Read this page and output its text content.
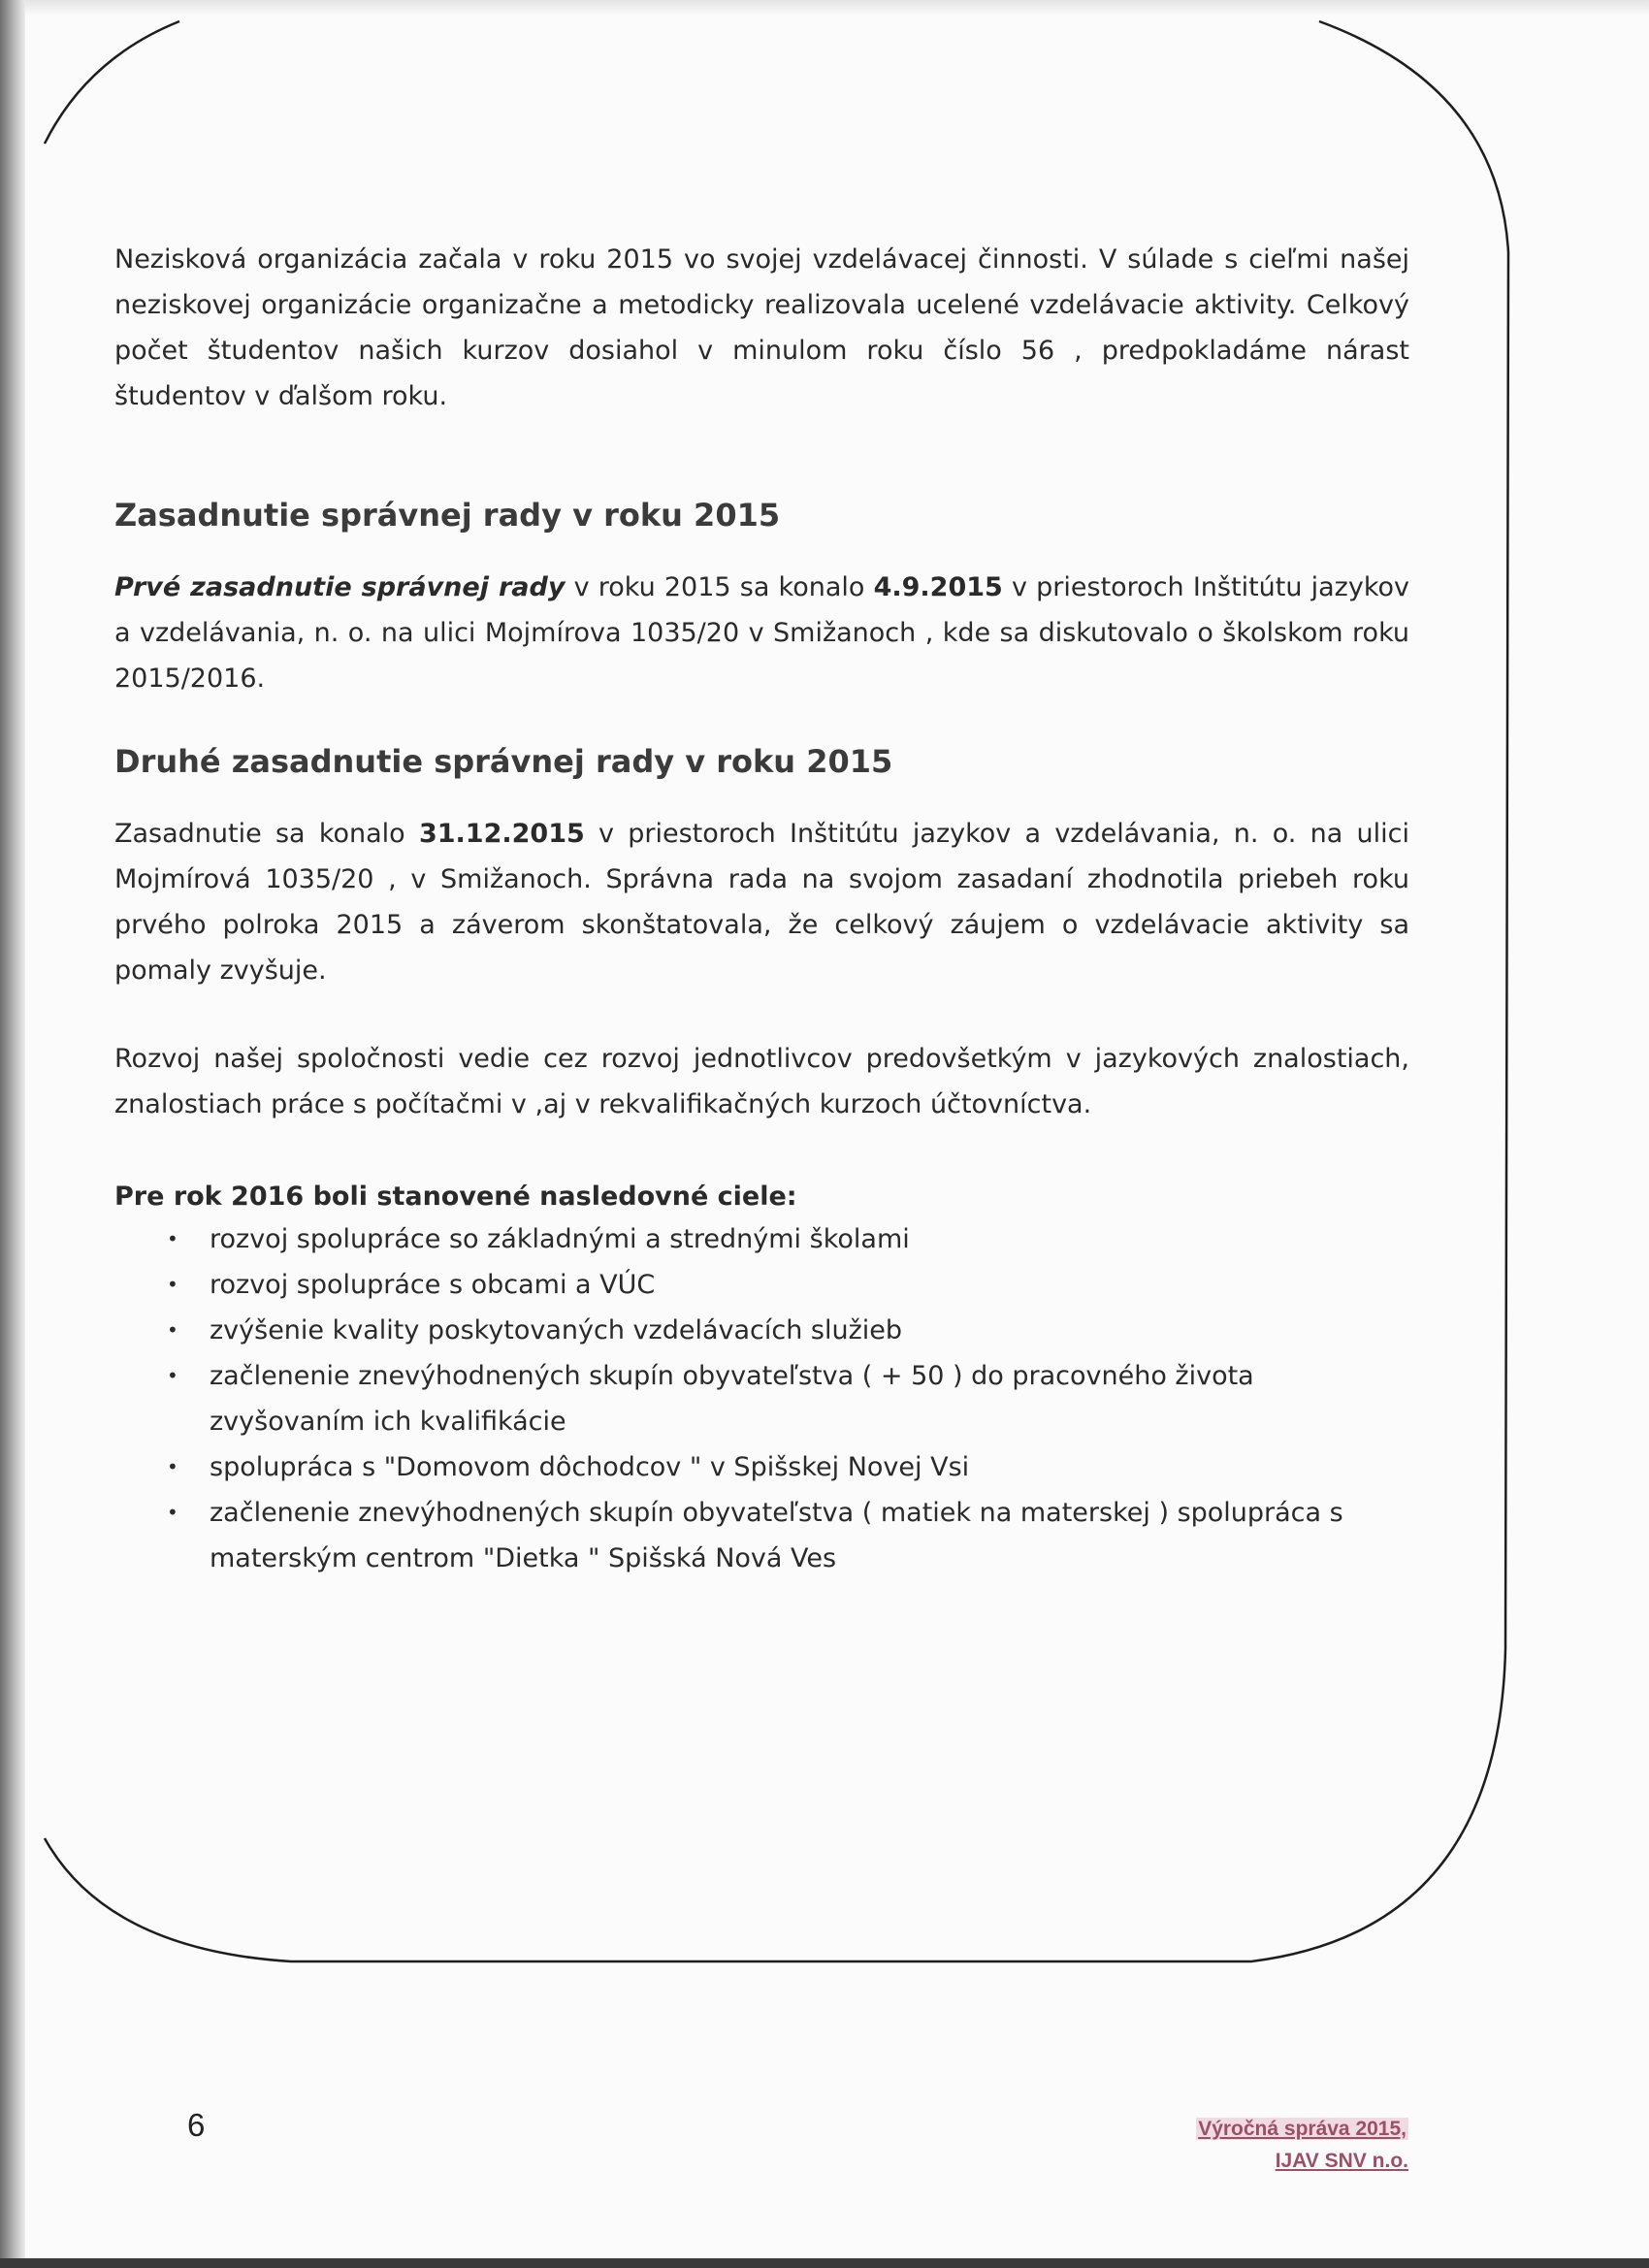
Nezisková organizácia začala v roku 2015 vo svojej vzdelávacej činnosti. V súlade s cieľmi našej neziskovej organizácie organizačne a metodicky realizovala ucelené vzdelávacie aktivity. Celkový počet študentov našich kurzov dosiahol v minulom roku číslo 56 , predpokladáme nárast študentov v ďalšom roku.

Zasadnutie správnej rady v roku 2015

Prvé zasadnutie správnej rady v roku 2015 sa konalo 4.9.2015 v priestoroch Inštitútu jazykov a vzdelávania, n. o. na ulici Mojmírova 1035/20 v Smižanoch , kde sa diskutovalo o školskom roku 2015/2016.

Druhé zasadnutie správnej rady v roku 2015

Zasadnutie sa konalo 31.12.2015 v priestoroch Inštitútu jazykov a vzdelávania, n. o. na ulici Mojmírová 1035/20 , v Smižanoch. Správna rada na svojom zasadaní zhodnotila priebeh roku prvého polroka 2015 a záverom skonštatovala, že celkový záujem o vzdelávacie aktivity sa pomaly zvyšuje.

Rozvoj našej spoločnosti vedie cez rozvoj jednotlivcov predovšetkým v jazykových znalostiach, znalostiach práce s počítačmi v ,aj v rekvalifikačných kurzoch účtovníctva.

Pre rok 2016 boli stanovené nasledovné ciele:
• rozvoj spolupráce so základnými a strednými školami
• rozvoj spolupráce s obcami a VÚC
• zvýšenie kvality poskytovaných vzdelávacích služieb
• začlenenie znevýhodnených skupín obyvateľstva ( + 50 ) do pracovného života zvyšovaním ich kvalifikácie
• spolupráca s "Domovom dôchodcov " v Spišskej Novej Vsi
• začlenenie znevýhodnených skupín obyvateľstva ( matiek na materskej ) spolupráca s materským centrom "Dietka " Spišská Nová Ves
6	Výročná správa 2015,
IJAV SNV n.o.
